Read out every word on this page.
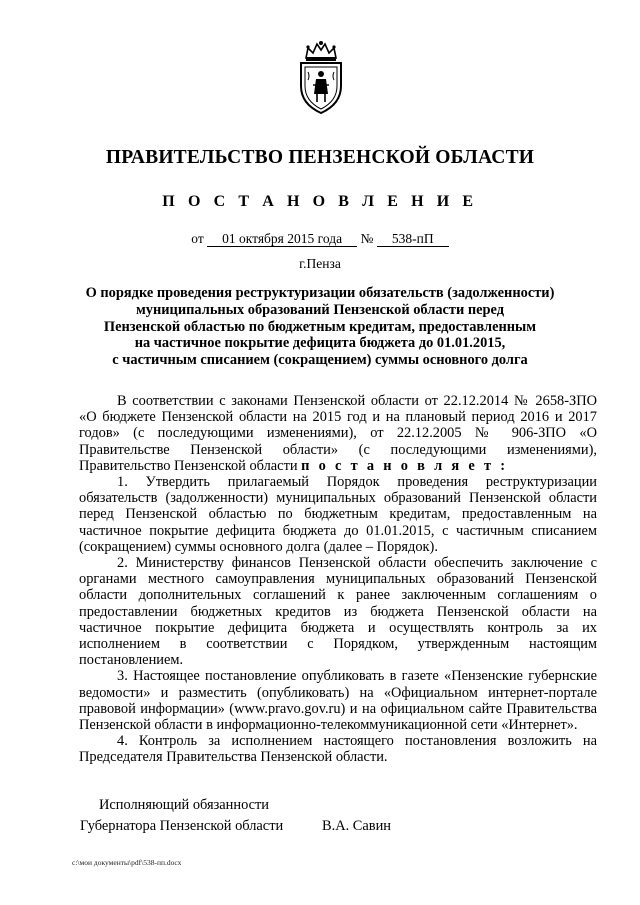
ПРАВИТЕЛЬСТВО ПЕНЗЕНСКОЙ ОБЛАСТИ
П О С Т А Н О В Л Е Н И Е
от 01 октября 2015 года № 538-пП
г.Пенза
О порядке проведения реструктуризации обязательств (задолженности)
муниципальных образований Пензенской области перед
Пензенской областью по бюджетным кредитам, предоставленным
на частичное покрытие дефицита бюджета до 01.01.2015,
с частичным списанием (сокращением) суммы основного долга

В соответствии с законами Пензенской области от 22.12.2014 № 2658-ЗПО «О бюджете Пензенской области на 2015 год и на плановый период 2016 и 2017 годов» (с последующими изменениями), от 22.12.2005 № 906-ЗПО «О Правительстве Пензенской области» (с последующими изменениями), Правительство Пензенской области п о с т а н о в л я е т :

1. Утвердить прилагаемый Порядок проведения реструктуризации обязательств (задолженности) муниципальных образований Пензенской области перед Пензенской областью по бюджетным кредитам, предоставленным на частичное покрытие дефицита бюджета до 01.01.2015, с частичным списанием (сокращением) суммы основного долга (далее – Порядок).

2. Министерству финансов Пензенской области обеспечить заключение с органами местного самоуправления муниципальных образований Пензенской области дополнительных соглашений к ранее заключенным соглашениям о предоставлении бюджетных кредитов из бюджета Пензенской области на частичное покрытие дефицита бюджета и осуществлять контроль за их исполнением в соответствии с Порядком, утвержденным настоящим постановлением.

3. Настоящее постановление опубликовать в газете «Пензенские губернские ведомости» и разместить (опубликовать) на «Официальном интернет-портале правовой информации» (www.pravo.gov.ru) и на официальном сайте Правительства Пензенской области в информационно-телекоммуникационной сети «Интернет».

4. Контроль за исполнением настоящего постановления возложить на Председателя Правительства Пензенской области.

Исполняющий обязанности
Губернатора Пензенской области	В.А. Савин
c:\мои документы\pdf\538-пп.docx
